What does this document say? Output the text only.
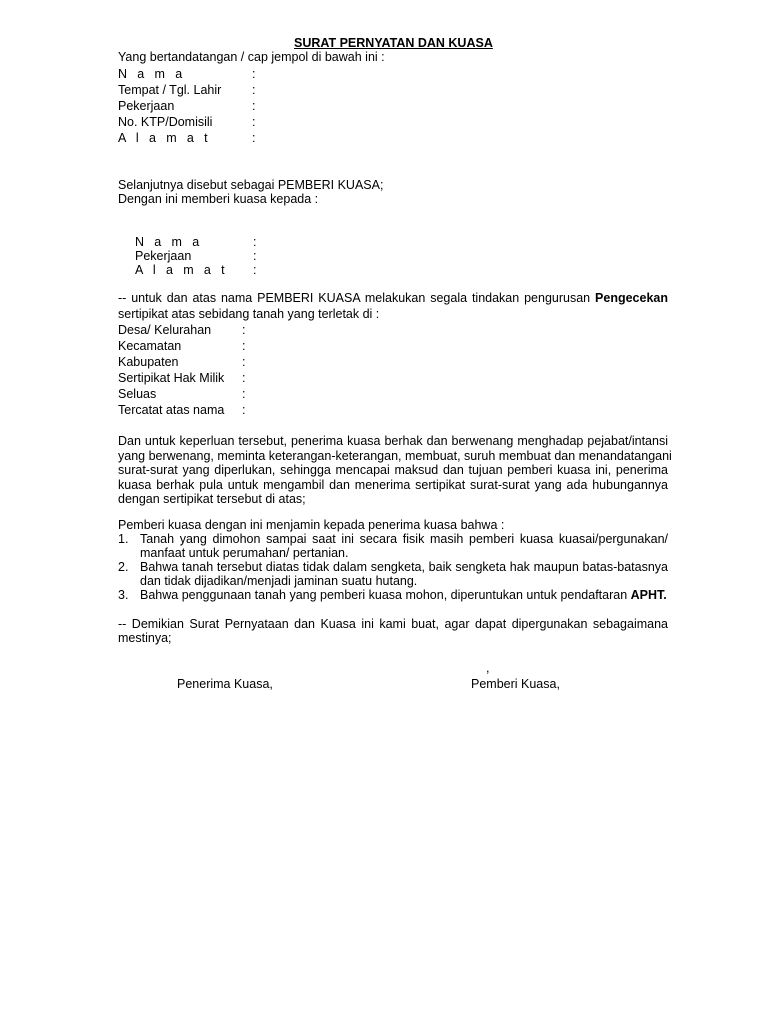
SURAT PERNYATAN DAN KUASA
Yang bertandatangan / cap jempol di bawah ini :
N a m a	:
Tempat / Tgl. Lahir :
Pekerjaan	:
No. KTP/Domisili	:
A l a m a t	:
Selanjutnya disebut sebagai PEMBERI KUASA;
Dengan ini memberi kuasa kepada :
N a m a	:
Pekerjaan	:
A l a m a t :
-- untuk dan atas nama PEMBERI KUASA melakukan segala tindakan pengurusan Pengecekan
sertipikat atas sebidang tanah yang terletak di :
Desa/ Kelurahan :
Kecamatan	:
Kabupaten	:
Sertipikat Hak Milik :
Seluas	:
Tercatat atas nama :
Dan untuk keperluan tersebut, penerima kuasa berhak dan berwenang menghadap pejabat/intansi
yang berwenang, meminta keterangan-keterangan, membuat, suruh membuat dan menandatangani
surat-surat yang diperlukan, sehingga mencapai maksud dan tujuan pemberi kuasa ini, penerima
kuasa berhak pula untuk mengambil dan menerima sertipikat surat-surat yang ada hubungannya
dengan sertipikat tersebut di atas;
Pemberi kuasa dengan ini menjamin kepada penerima kuasa bahwa :
1. Tanah yang dimohon sampai saat ini secara fisik masih pemberi kuasa kuasai/pergunakan/
manfaat untuk perumahan/ pertanian.
2. Bahwa tanah tersebut diatas tidak dalam sengketa, baik sengketa hak maupun batas-batasnya
dan tidak dijadikan/menjadi jaminan suatu hutang.
3. Bahwa penggunaan tanah yang pemberi kuasa mohon, diperuntukan untuk pendaftaran APHT.
-- Demikian Surat Pernyataan dan Kuasa ini kami buat, agar dapat dipergunakan sebagaimana
mestinya;
,
Penerima Kuasa,	Pemberi Kuasa,
